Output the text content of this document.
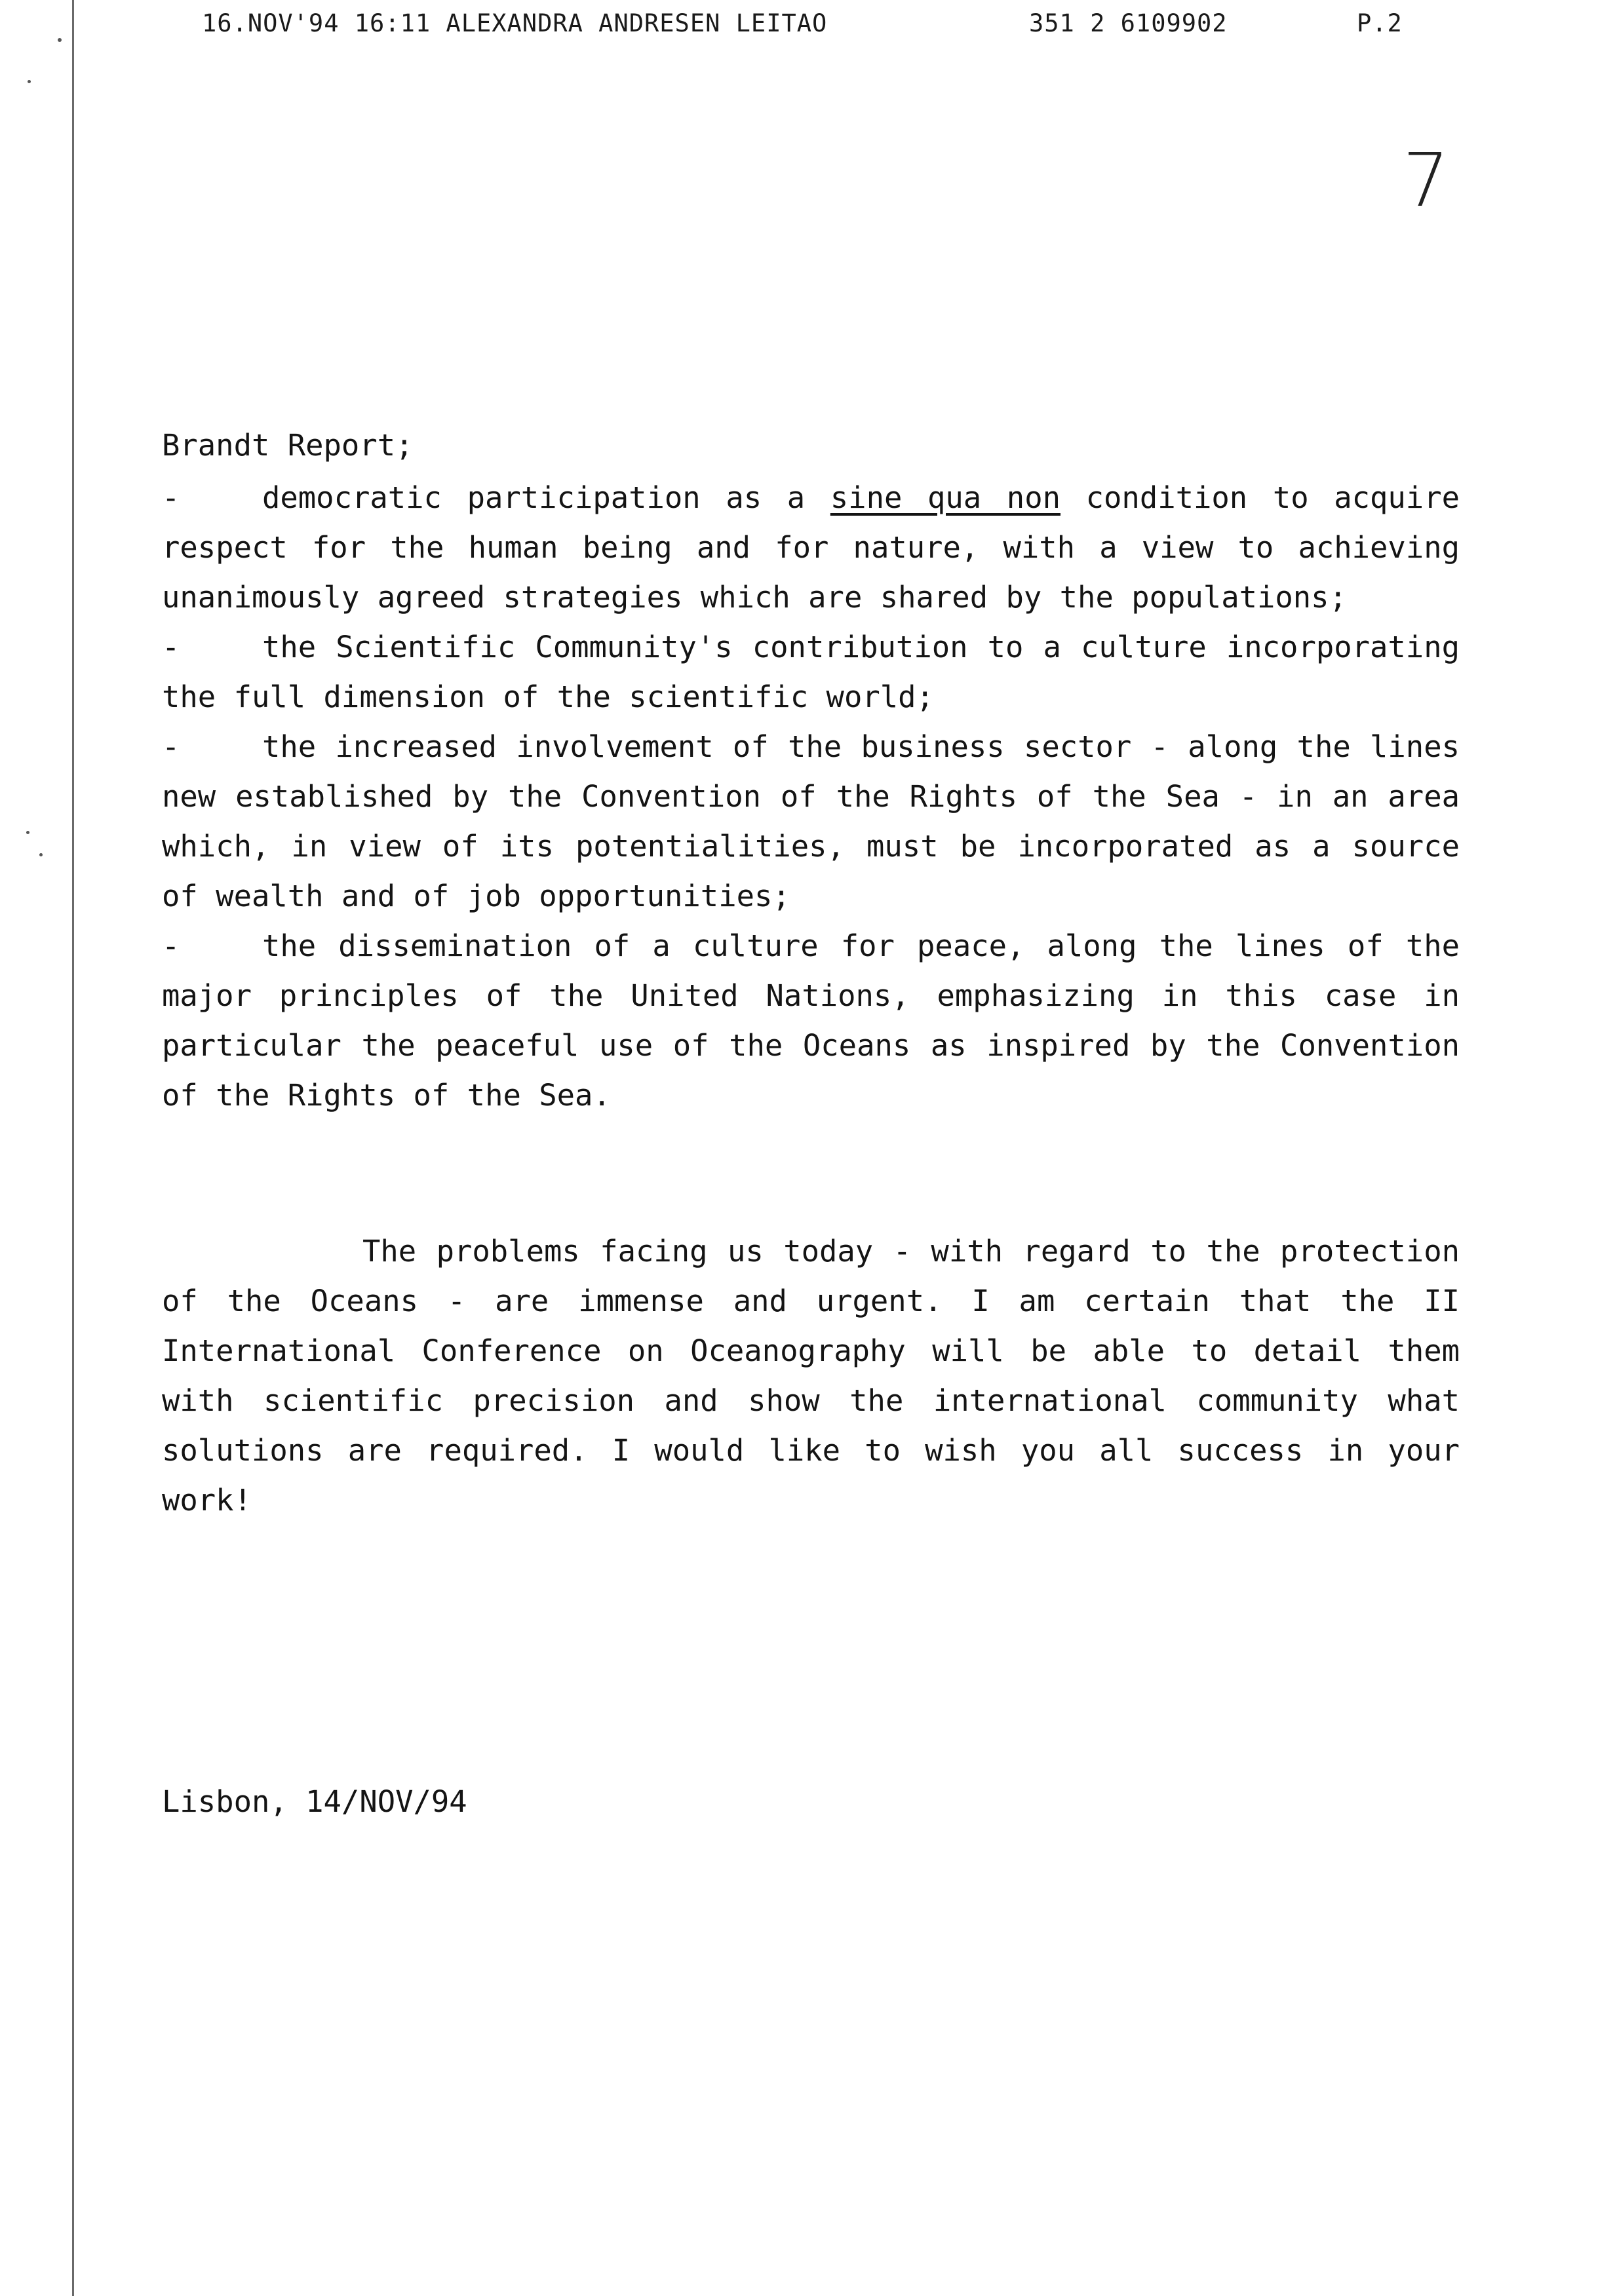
16.NOV'94 16:11 ALEXANDRA ANDRESEN LEITAO	351 2 6109902	P.2
7

Brandt Report;

-	democratic participation as a sine qua non condition to acquire respect for the human being and for nature, with a view to achieving unanimously agreed strategies which are shared by the populations;

-	the Scientific Community's contribution to a culture incorporating the full dimension of the scientific world;

-	the increased involvement of the business sector - along the lines new established by the Convention of the Rights of the Sea - in an area which, in view of its potentialities, must be incorporated as a source of wealth and of job opportunities;

-	the dissemination of a culture for peace, along the lines of the major principles of the United Nations, emphasizing in this case in particular the peaceful use of the Oceans as inspired by the Convention of the Rights of the Sea.

The problems facing us today - with regard to the protection of the Oceans - are immense and urgent. I am certain that the II International Conference on Oceanography will be able to detail them with scientific precision and show the international community what solutions are required. I would like to wish you all success in your work!

Lisbon, 14/NOV/94
